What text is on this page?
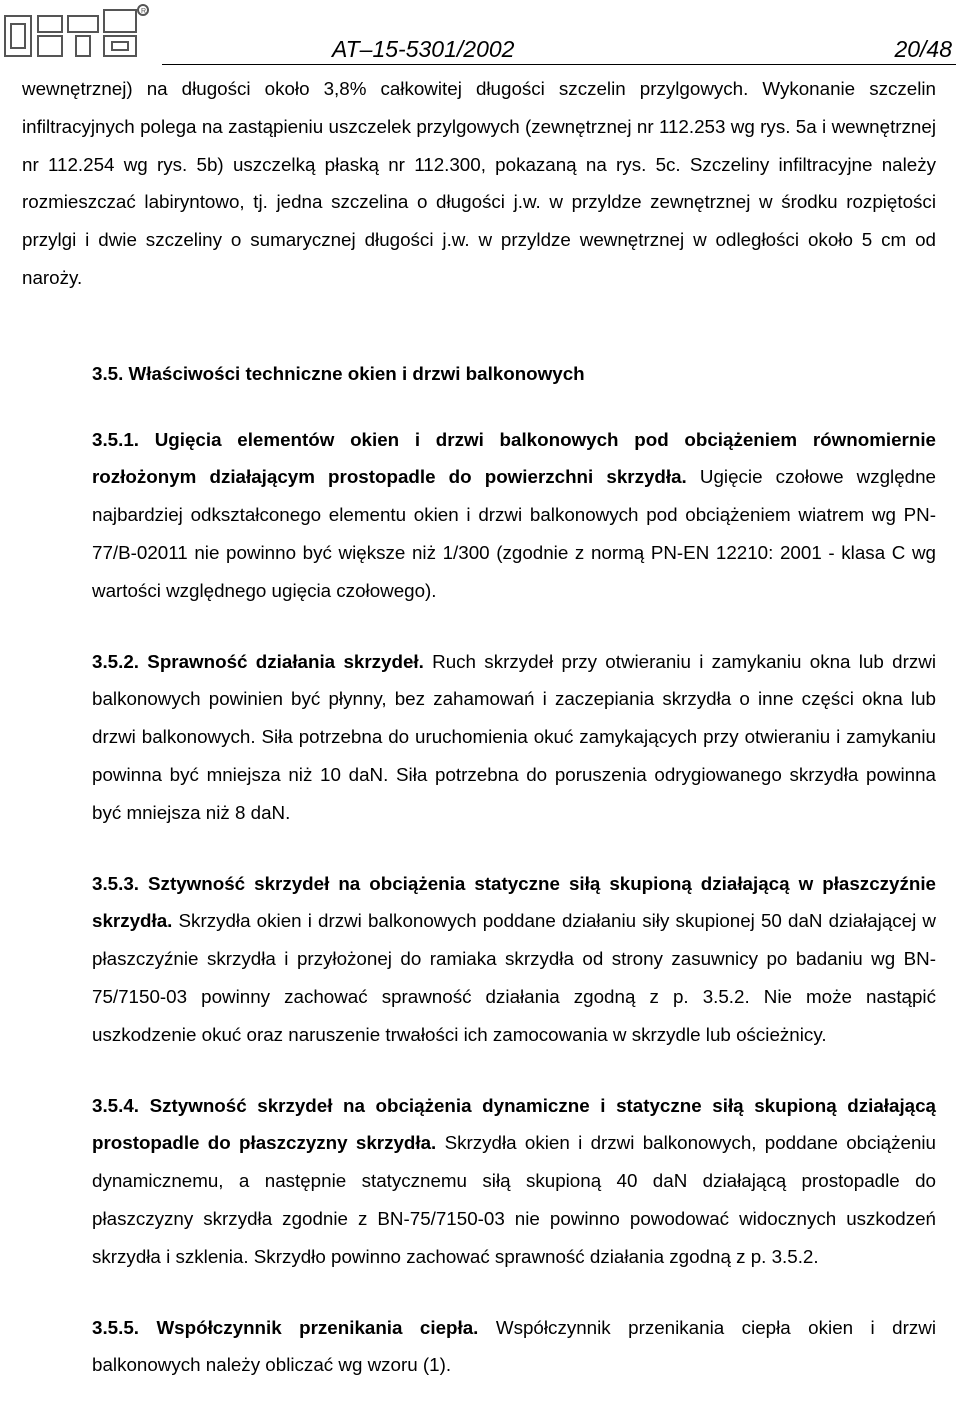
R
AT–15-5301/2002	20/48

wewnętrznej) na długości około 3,8% całkowitej długości szczelin przylgowych. Wykonanie szczelin infiltracyjnych polega na zastąpieniu uszczelek przylgowych (zewnętrznej nr 112.253 wg rys. 5a i wewnętrznej nr 112.254 wg rys. 5b) uszczelką płaską nr 112.300, pokazaną na rys. 5c. Szczeliny infiltracyjne należy rozmieszczać labiryntowo, tj. jedna szczelina o długości j.w. w przyldze zewnętrznej w środku rozpiętości przylgi i dwie szczeliny o sumarycznej długości j.w. w przyldze wewnętrznej w odległości około 5 cm od naroży.

3.5. Właściwości techniczne okien i drzwi balkonowych

3.5.1. Ugięcia elementów okien i drzwi balkonowych pod obciążeniem równomiernie rozłożonym działającym prostopadle do powierzchni skrzydła. Ugięcie czołowe względne najbardziej odkształconego elementu okien i drzwi balkonowych pod obciążeniem wiatrem wg PN-77/B-02011 nie powinno być większe niż 1/300 (zgodnie z normą PN-EN 12210: 2001 - klasa C wg wartości względnego ugięcia czołowego).

3.5.2. Sprawność działania skrzydeł. Ruch skrzydeł przy otwieraniu i zamykaniu okna lub drzwi balkonowych powinien być płynny, bez zahamowań i zaczepiania skrzydła o inne części okna lub drzwi balkonowych. Siła potrzebna do uruchomienia okuć zamykających przy otwieraniu i zamykaniu powinna być mniejsza niż 10 daN. Siła potrzebna do poruszenia odrygiowanego skrzydła powinna być mniejsza niż 8 daN.

3.5.3. Sztywność skrzydeł na obciążenia statyczne siłą skupioną działającą w płaszczyźnie skrzydła. Skrzydła okien i drzwi balkonowych poddane działaniu siły skupionej 50 daN działającej w płaszczyźnie skrzydła i przyłożonej do ramiaka skrzydła od strony zasuwnicy po badaniu wg BN-75/7150-03 powinny zachować sprawność działania zgodną z p. 3.5.2. Nie może nastąpić uszkodzenie okuć oraz naruszenie trwałości ich zamocowania w skrzydle lub ościeżnicy.

3.5.4. Sztywność skrzydeł na obciążenia dynamiczne i statyczne siłą skupioną działającą prostopadle do płaszczyzny skrzydła. Skrzydła okien i drzwi balkonowych, poddane obciążeniu dynamicznemu, a następnie statycznemu siłą skupioną 40 daN działającą prostopadle do płaszczyzny skrzydła zgodnie z BN-75/7150-03 nie powinno powodować widocznych uszkodzeń skrzydła i szklenia. Skrzydło powinno zachować sprawność działania zgodną z p. 3.5.2.

3.5.5. Współczynnik przenikania ciepła. Współczynnik przenikania ciepła okien i drzwi balkonowych należy obliczać wg wzoru (1).
